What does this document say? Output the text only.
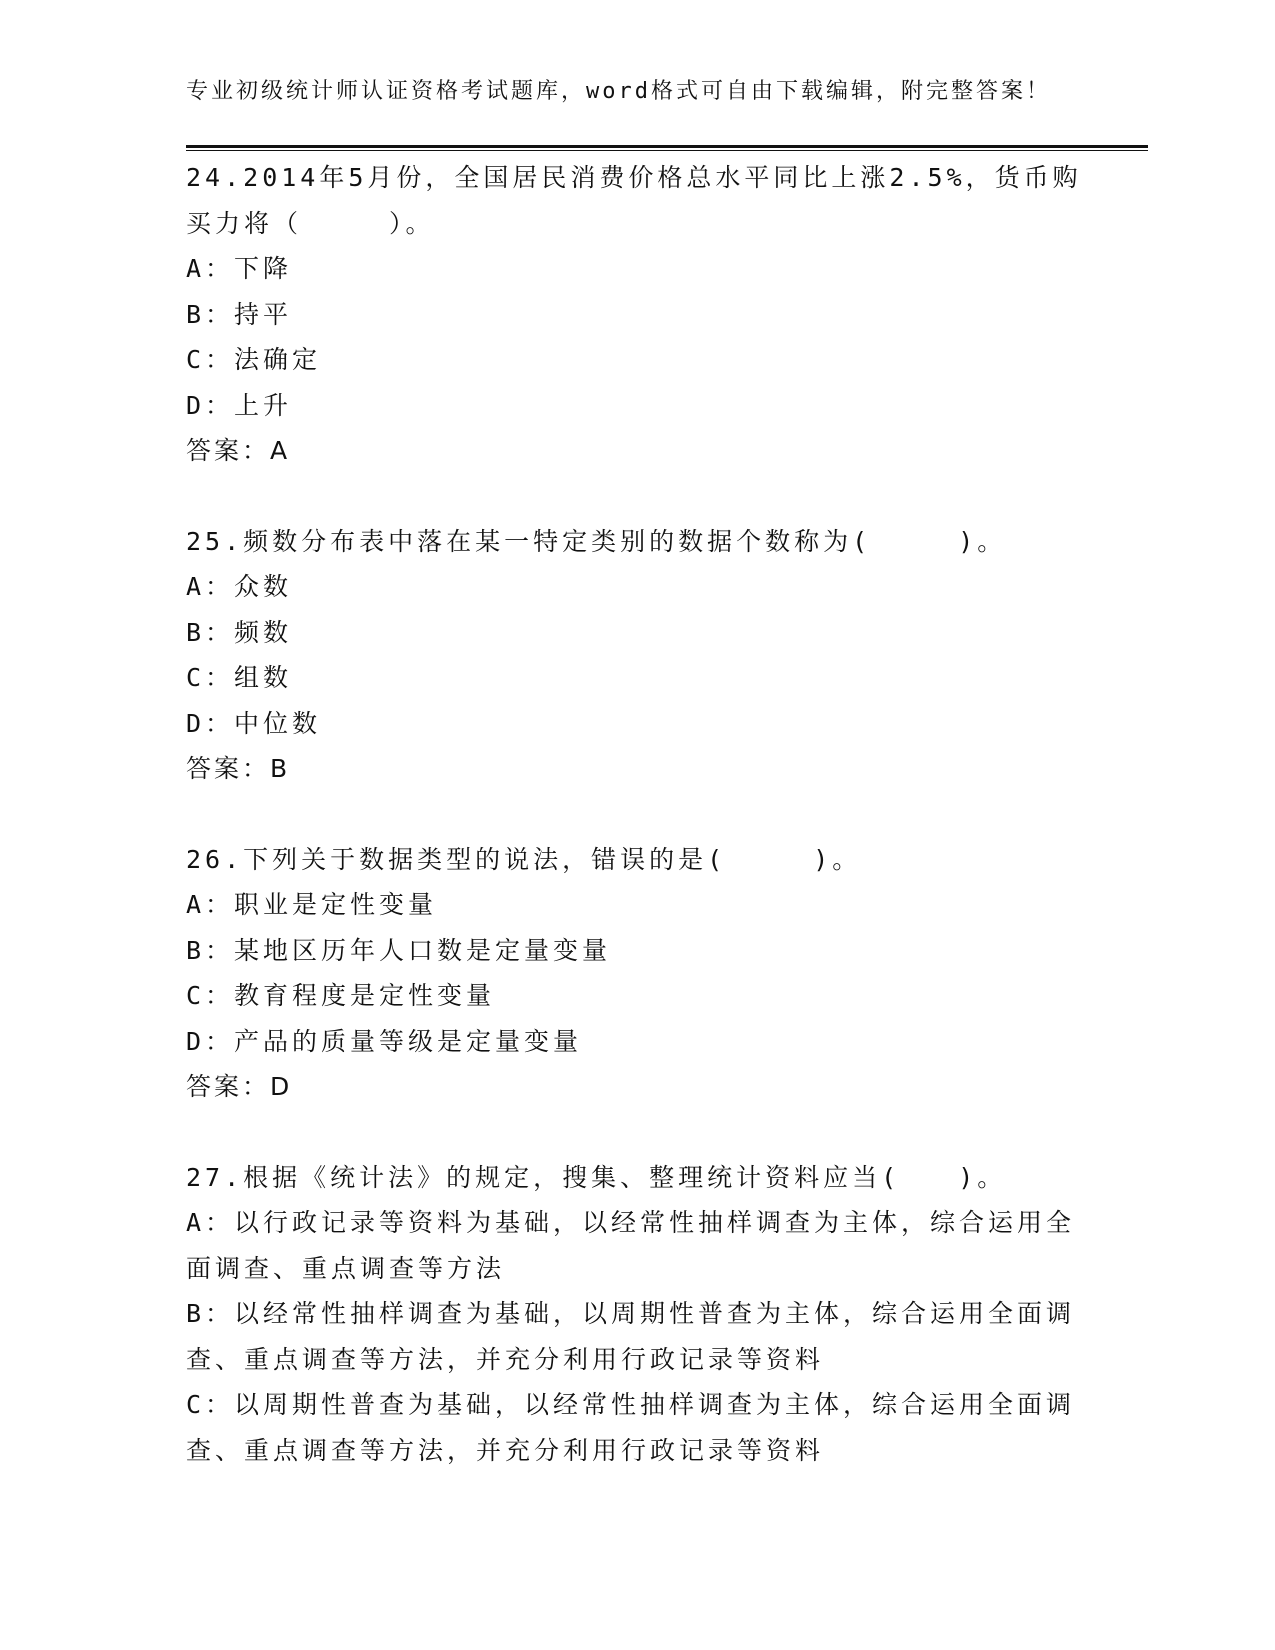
专业初级统计师认证资格考试题库，word格式可自由下载编辑，附完整答案！
24.2014年5月份，全国居民消费价格总水平同比上涨2.5%，货币购
买力将（　　　）。
A：下降
B：持平
C：法确定
D：上升
答案：A
25.频数分布表中落在某一特定类别的数据个数称为(　　　)。
A：众数
B：频数
C：组数
D：中位数
答案：B
26.下列关于数据类型的说法，错误的是(　　　)。
A：职业是定性变量
B：某地区历年人口数是定量变量
C：教育程度是定性变量
D：产品的质量等级是定量变量
答案：D
27.根据《统计法》的规定，搜集、整理统计资料应当(　　)。
A：以行政记录等资料为基础，以经常性抽样调查为主体，综合运用全
面调查、重点调查等方法
B：以经常性抽样调查为基础，以周期性普查为主体，综合运用全面调
查、重点调查等方法，并充分利用行政记录等资料
C：以周期性普查为基础，以经常性抽样调查为主体，综合运用全面调
查、重点调查等方法，并充分利用行政记录等资料
